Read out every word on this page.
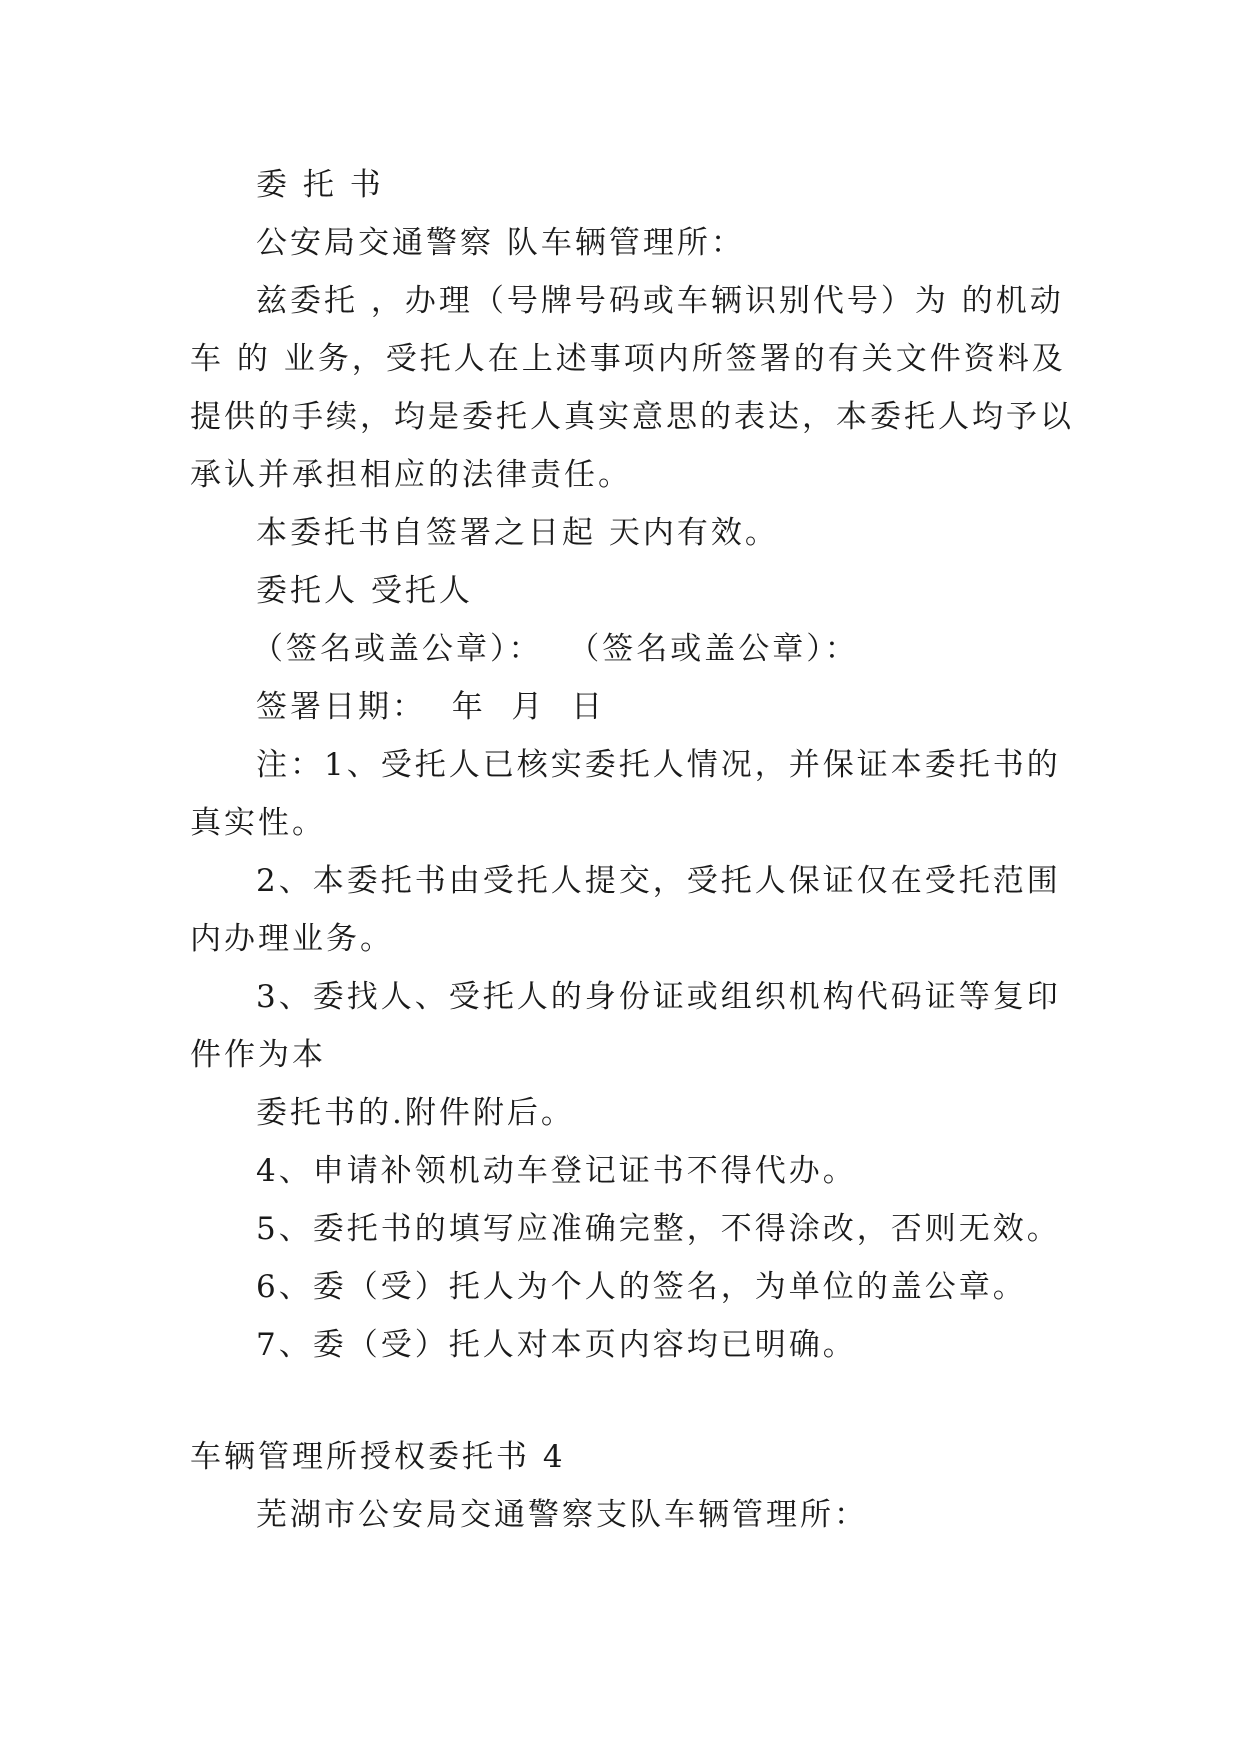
委 托 书
公安局交通警察 队车辆管理所：
兹委托 ，办理（号牌号码或车辆识别代号）为 的机动
车 的 业务，受托人在上述事项内所签署的有关文件资料及
提供的手续，均是委托人真实意思的表达，本委托人均予以
承认并承担相应的法律责任。
本委托书自签署之日起 天内有效。
委托人 受托人
（签名或盖公章）：  （签名或盖公章）：
签署日期：  年  月  日
注：1、受托人已核实委托人情况，并保证本委托书的
真实性。
2、本委托书由受托人提交，受托人保证仅在受托范围
内办理业务。
3、委找人、受托人的身份证或组织机构代码证等复印
件作为本
委托书的.附件附后。
4、申请补领机动车登记证书不得代办。
5、委托书的填写应准确完整，不得涂改，否则无效。
6、委（受）托人为个人的签名，为单位的盖公章。
7、委（受）托人对本页内容均已明确。
车辆管理所授权委托书 4
芜湖市公安局交通警察支队车辆管理所：
